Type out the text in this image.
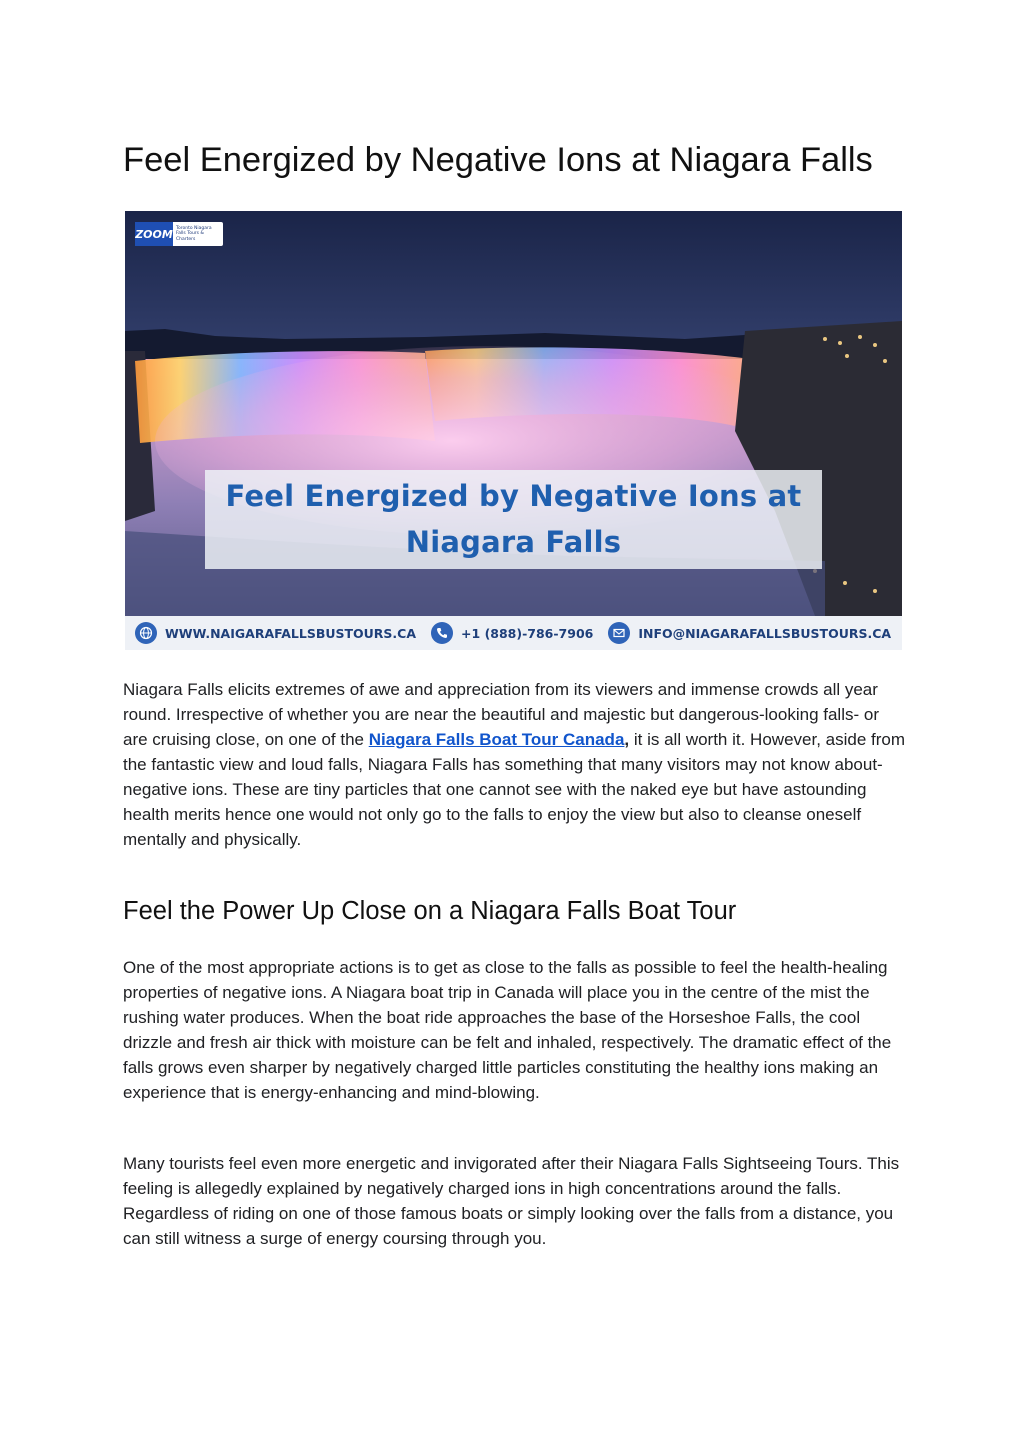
Feel Energized by Negative Ions at Niagara Falls
ZOOM Toronto Niagara Falls Tours & Charters
Feel Energized by Negative Ions at Niagara Falls
WWW.NAIGARAFALLSBUSTOURS.CA	+1 (888)-786-7906	INFO@NIAGARAFALLSBUSTOURS.CA

Niagara Falls elicits extremes of awe and appreciation from its viewers and immense crowds all year round. Irrespective of whether you are near the beautiful and majestic but dangerous-looking falls- or are cruising close, on one of the Niagara Falls Boat Tour Canada, it is all worth it. However, aside from the fantastic view and loud falls, Niagara Falls has something that many visitors may not know about- negative ions. These are tiny particles that one cannot see with the naked eye but have astounding health merits hence one would not only go to the falls to enjoy the view but also to cleanse oneself mentally and physically.

Feel the Power Up Close on a Niagara Falls Boat Tour

One of the most appropriate actions is to get as close to the falls as possible to feel the health-healing properties of negative ions. A Niagara boat trip in Canada will place you in the centre of the mist the rushing water produces. When the boat ride approaches the base of the Horseshoe Falls, the cool drizzle and fresh air thick with moisture can be felt and inhaled, respectively. The dramatic effect of the falls grows even sharper by negatively charged little particles constituting the healthy ions making an experience that is energy-enhancing and mind-blowing.

Many tourists feel even more energetic and invigorated after their Niagara Falls Sightseeing Tours. This feeling is allegedly explained by negatively charged ions in high concentrations around the falls. Regardless of riding on one of those famous boats or simply looking over the falls from a distance, you can still witness a surge of energy coursing through you.
